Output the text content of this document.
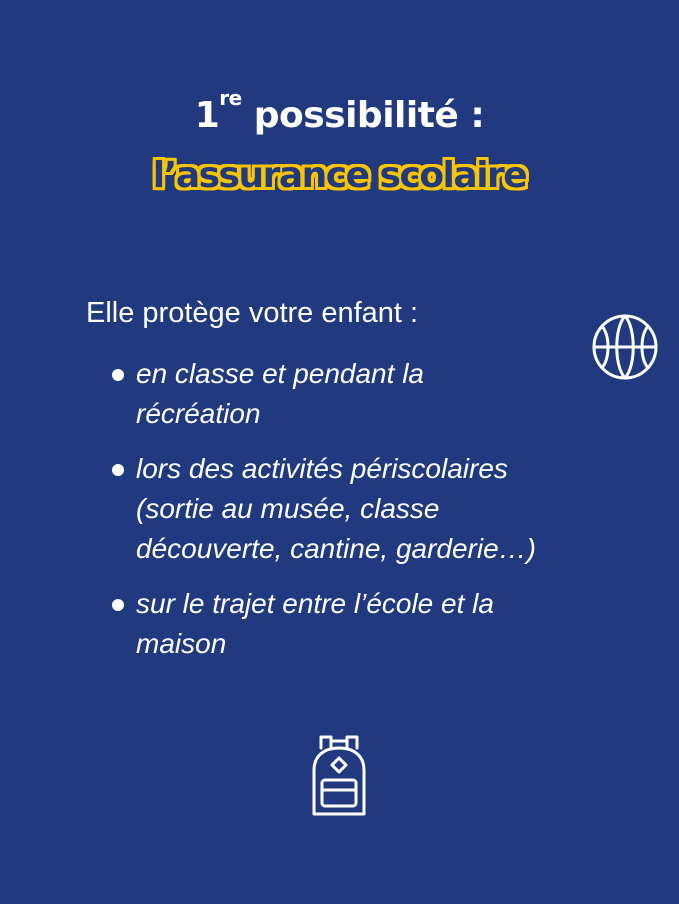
1re possibilité :
l’assurance scolaire
Elle protège votre enfant :
en classe et pendant la
récréation
lors des activités périscolaires
(sortie au musée, classe
découverte, cantine, garderie…)
sur le trajet entre l’école et la
maison
